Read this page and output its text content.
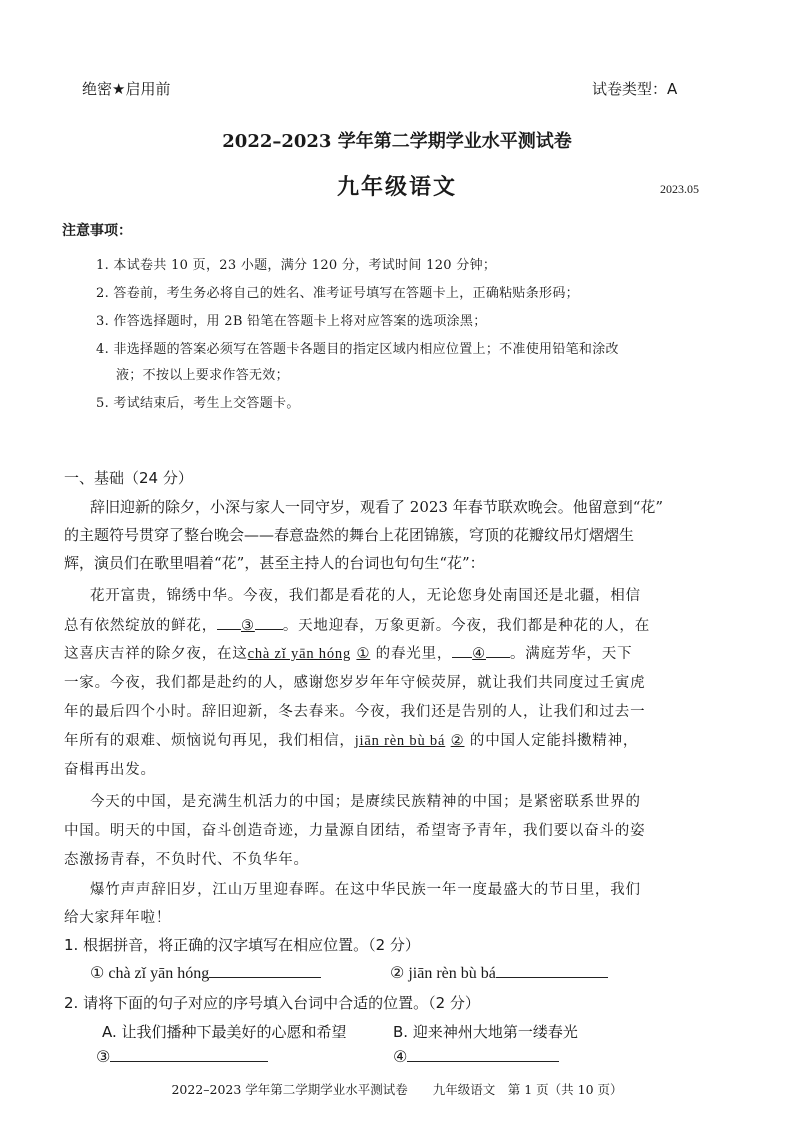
绝密★启用前	试卷类型：A
2022–2023 学年第二学期学业水平测试卷
九年级语文	2023.05
注意事项：
1. 本试卷共 10 页，23 小题，满分 120 分，考试时间 120 分钟；
2. 答卷前，考生务必将自己的姓名、准考证号填写在答题卡上，正确粘贴条形码；
3. 作答选择题时，用 2B 铅笔在答题卡上将对应答案的选项涂黑；
4. 非选择题的答案必须写在答题卡各题目的指定区域内相应位置上；不准使用铅笔和涂改
液；不按以上要求作答无效；
5. 考试结束后，考生上交答题卡。
一、基础（24 分）
辞旧迎新的除夕，小深与家人一同守岁，观看了 2023 年春节联欢晚会。他留意到“花”
的主题符号贯穿了整台晚会——春意盎然的舞台上花团锦簇，穹顶的花瓣纹吊灯熠熠生
辉，演员们在歌里唱着“花”，甚至主持人的台词也句句生“花”：
花开富贵，锦绣中华。今夜，我们都是看花的人，无论您身处南国还是北疆，相信
总有依然绽放的鲜花， ③ 。天地迎春，万象更新。今夜，我们都是种花的人，在
这喜庆吉祥的除夕夜，在这chà zǐ yān hóng ① 的春光里， ④ 。满庭芳华，天下
一家。今夜，我们都是赴约的人，感谢您岁岁年年守候荧屏，就让我们共同度过壬寅虎
年的最后四个小时。辞旧迎新，冬去春来。今夜，我们还是告别的人，让我们和过去一
年所有的艰难、烦恼说句再见，我们相信，jiān rèn bù bá ② 的中国人定能抖擞精神，
奋楫再出发。
今天的中国，是充满生机活力的中国；是赓续民族精神的中国；是紧密联系世界的
中国。明天的中国，奋斗创造奇迹，力量源自团结，希望寄予青年，我们要以奋斗的姿
态激扬青春，不负时代、不负华年。
爆竹声声辞旧岁，江山万里迎春晖。在这中华民族一年一度最盛大的节日里，我们
给大家拜年啦！
1. 根据拼音，将正确的汉字填写在相应位置。（2 分）
① chà zǐ yān hóng	② jiān rèn bù bá
2. 请将下面的句子对应的序号填入台词中合适的位置。（2 分）
A. 让我们播种下最美好的心愿和希望	B. 迎来神州大地第一缕春光
③	④
2022–2023 学年第二学期学业水平测试卷　　九年级语文　第 1 页（共 10 页）
